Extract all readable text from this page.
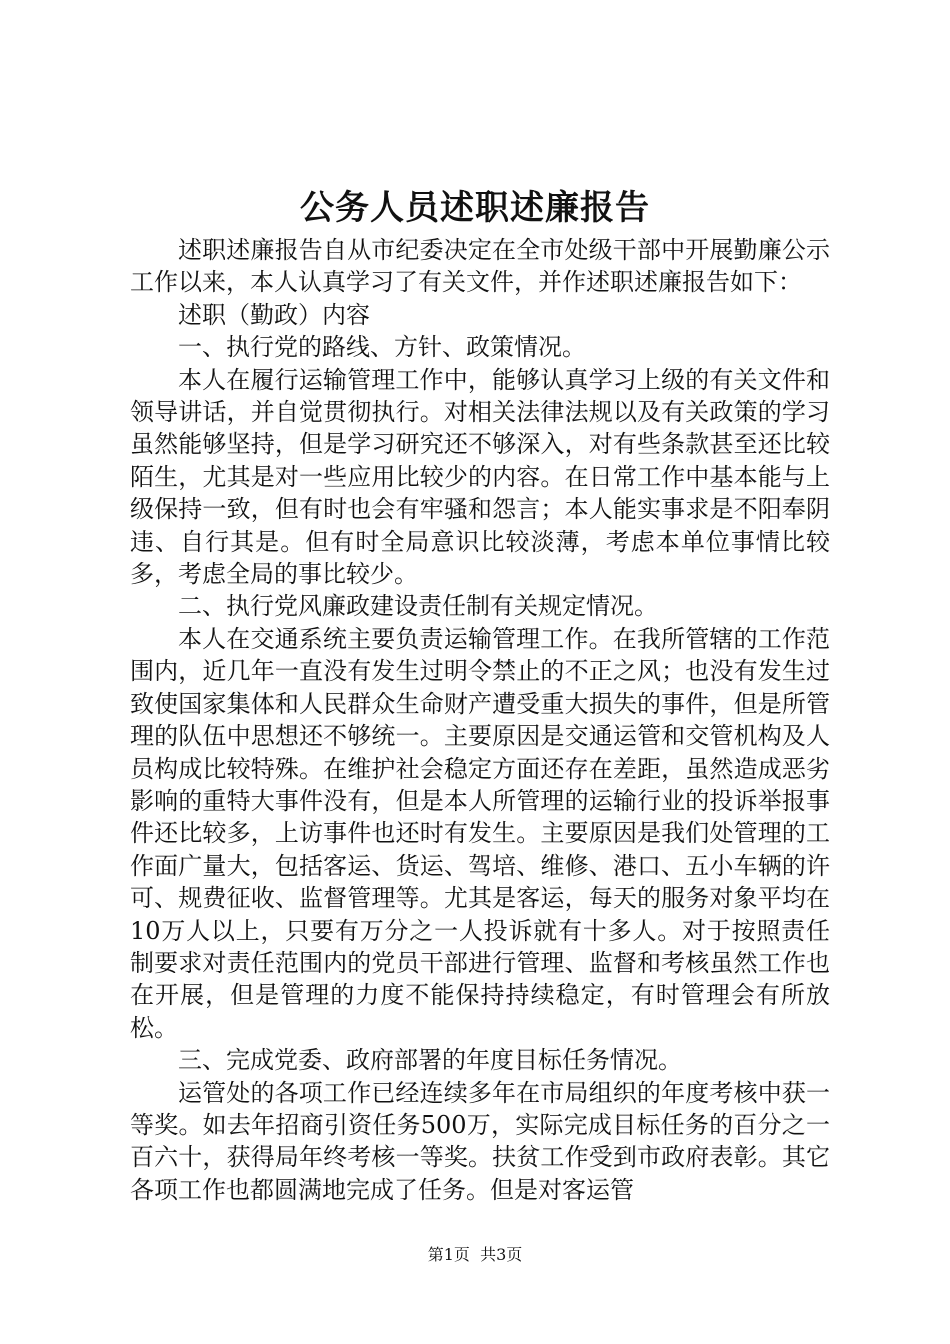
公务人员述职述廉报告

述职述廉报告自从市纪委决定在全市处级干部中开展勤廉公示工作以来，本人认真学习了有关文件，并作述职述廉报告如下：

述职（勤政）内容

一、执行党的路线、方针、政策情况。

本人在履行运输管理工作中，能够认真学习上级的有关文件和领导讲话，并自觉贯彻执行。对相关法律法规以及有关政策的学习虽然能够坚持，但是学习研究还不够深入，对有些条款甚至还比较陌生，尤其是对一些应用比较少的内容。在日常工作中基本能与上级保持一致，但有时也会有牢骚和怨言；本人能实事求是不阳奉阴违、自行其是。但有时全局意识比较淡薄，考虑本单位事情比较多，考虑全局的事比较少。

二、执行党风廉政建设责任制有关规定情况。

本人在交通系统主要负责运输管理工作。在我所管辖的工作范围内，近几年一直没有发生过明令禁止的不正之风；也没有发生过致使国家集体和人民群众生命财产遭受重大损失的事件，但是所管理的队伍中思想还不够统一。主要原因是交通运管和交管机构及人员构成比较特殊。在维护社会稳定方面还存在差距，虽然造成恶劣影响的重特大事件没有，但是本人所管理的运输行业的投诉举报事件还比较多，上访事件也还时有发生。主要原因是我们处管理的工作面广量大，包括客运、货运、驾培、维修、港口、五小车辆的许可、规费征收、监督管理等。尤其是客运，每天的服务对象平均在10万人以上，只要有万分之一人投诉就有十多人。对于按照责任制要求对责任范围内的党员干部进行管理、监督和考核虽然工作也在开展，但是管理的力度不能保持持续稳定，有时管理会有所放松。

三、完成党委、政府部署的年度目标任务情况。

运管处的各项工作已经连续多年在市局组织的年度考核中获一等奖。如去年招商引资任务500万，实际完成目标任务的百分之一百六十，获得局年终考核一等奖。扶贫工作受到市政府表彰。其它各项工作也都圆满地完成了任务。但是对客运管

第1页 共3页
